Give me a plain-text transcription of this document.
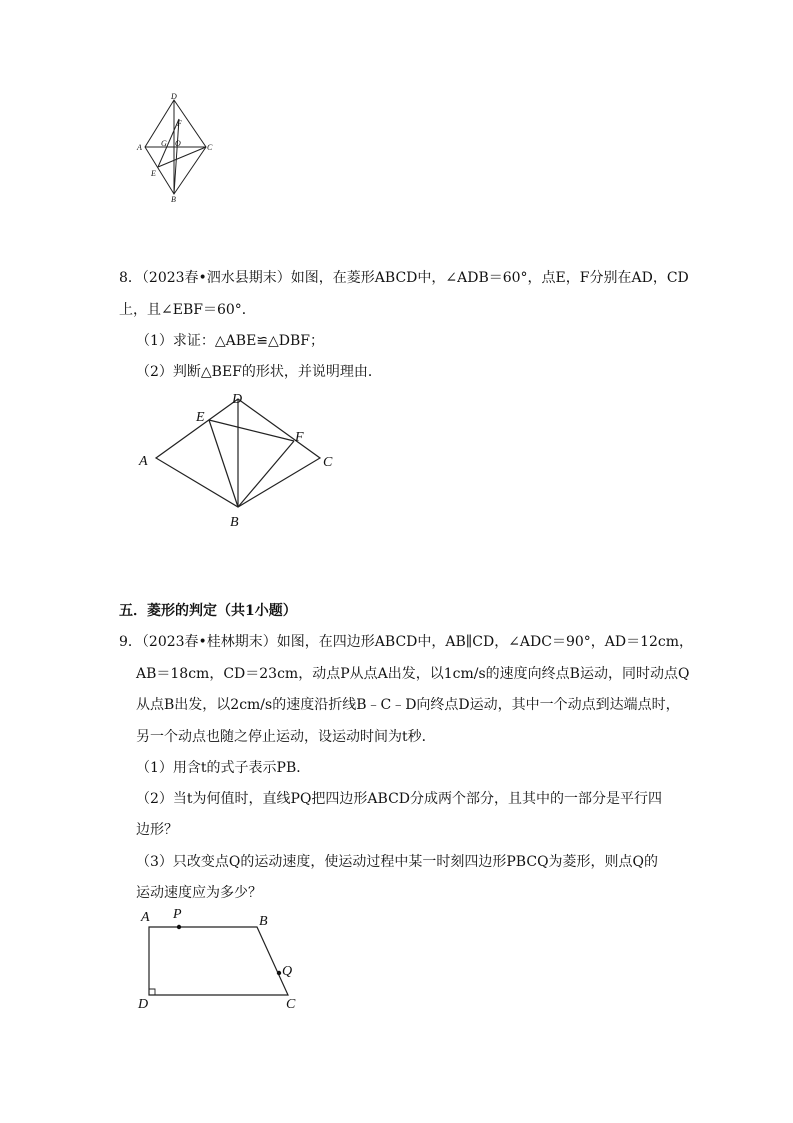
D
F
A G O	C
E
B
8．（2023春•泗水县期末）如图，在菱形ABCD中，∠ADB＝60°，点E，F分别在AD，CD
上，且∠EBF＝60°．
（1）求证：△ABE≌△DBF；
（2）判断△BEF的形状，并说明理由．
D
E
F
A	C
B
五．菱形的判定（共1小题）
9．（2023春•桂林期末）如图，在四边形ABCD中，AB∥CD，∠ADC＝90°，AD＝12cm，
AB＝18cm，CD＝23cm，动点P从点A出发，以1cm/s的速度向终点B运动，同时动点Q
从点B出发，以2cm/s的速度沿折线B﹣C﹣D向终点D运动，其中一个动点到达端点时，
另一个动点也随之停止运动，设运动时间为t秒．
（1）用含t的式子表示PB．
（2）当t为何值时，直线PQ把四边形ABCD分成两个部分，且其中的一部分是平行四
边形？
（3）只改变点Q的运动速度，使运动过程中某一时刻四边形PBCQ为菱形，则点Q的
运动速度应为多少？
A P	B
Q
D	C
